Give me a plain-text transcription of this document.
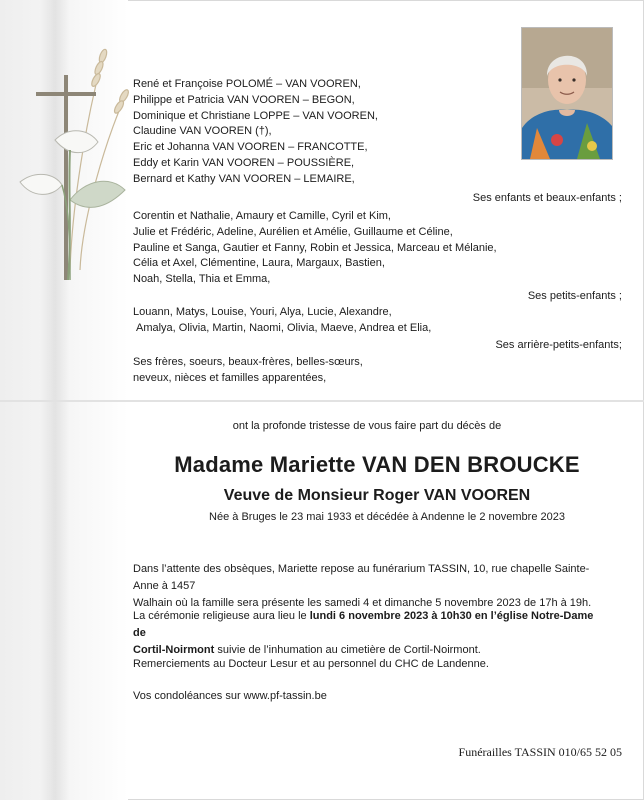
René et Françoise POLOMÉ – VAN VOOREN,
Philippe et Patricia VAN VOOREN – BEGON,
Dominique et Christiane LOPPE – VAN VOOREN,
Claudine VAN VOOREN (†),
Eric et Johanna VAN VOOREN – FRANCOTTE,
Eddy et Karin VAN VOOREN – POUSSIÈRE,
Bernard et Kathy VAN VOOREN – LEMAIRE,
Ses enfants et beaux-enfants ;
Corentin et Nathalie, Amaury et Camille, Cyril et Kim,
Julie et Frédéric, Adeline, Aurélien et Amélie, Guillaume et Céline,
Pauline et Sanga, Gautier et Fanny, Robin et Jessica, Marceau et Mélanie,
Célia et Axel, Clémentine, Laura, Margaux, Bastien,
Noah, Stella, Thia et Emma,
Ses petits-enfants ;
Louann, Matys, Louise, Youri, Alya, Lucie, Alexandre,
Amalya, Olivia, Martin, Naomi, Olivia, Maeve, Andrea et Elia,
Ses arrière-petits-enfants;
Ses frères, soeurs, beaux-frères, belles-sœurs,
neveux, nièces et familles apparentées,
ont la profonde tristesse de vous faire part du décès de
Madame Mariette VAN DEN BROUCKE
Veuve de Monsieur Roger VAN VOOREN
Née à Bruges le 23 mai 1933 et décédée à Andenne le 2 novembre 2023
Dans l’attente des obsèques, Mariette repose au funérarium TASSIN, 10, rue chapelle Sainte-Anne à 1457
Walhain où la famille sera présente les samedi 4 et dimanche 5 novembre 2023 de 17h à 19h.
La cérémonie religieuse aura lieu le lundi 6 novembre 2023 à 10h30 en l’église Notre-Dame de
Cortil-Noirmont suivie de l’inhumation au cimetière de Cortil-Noirmont.
Remerciements au Docteur Lesur et au personnel du CHC de Landenne.
Vos condoléances sur www.pf-tassin.be
Funérailles TASSIN 010/65 52 05
